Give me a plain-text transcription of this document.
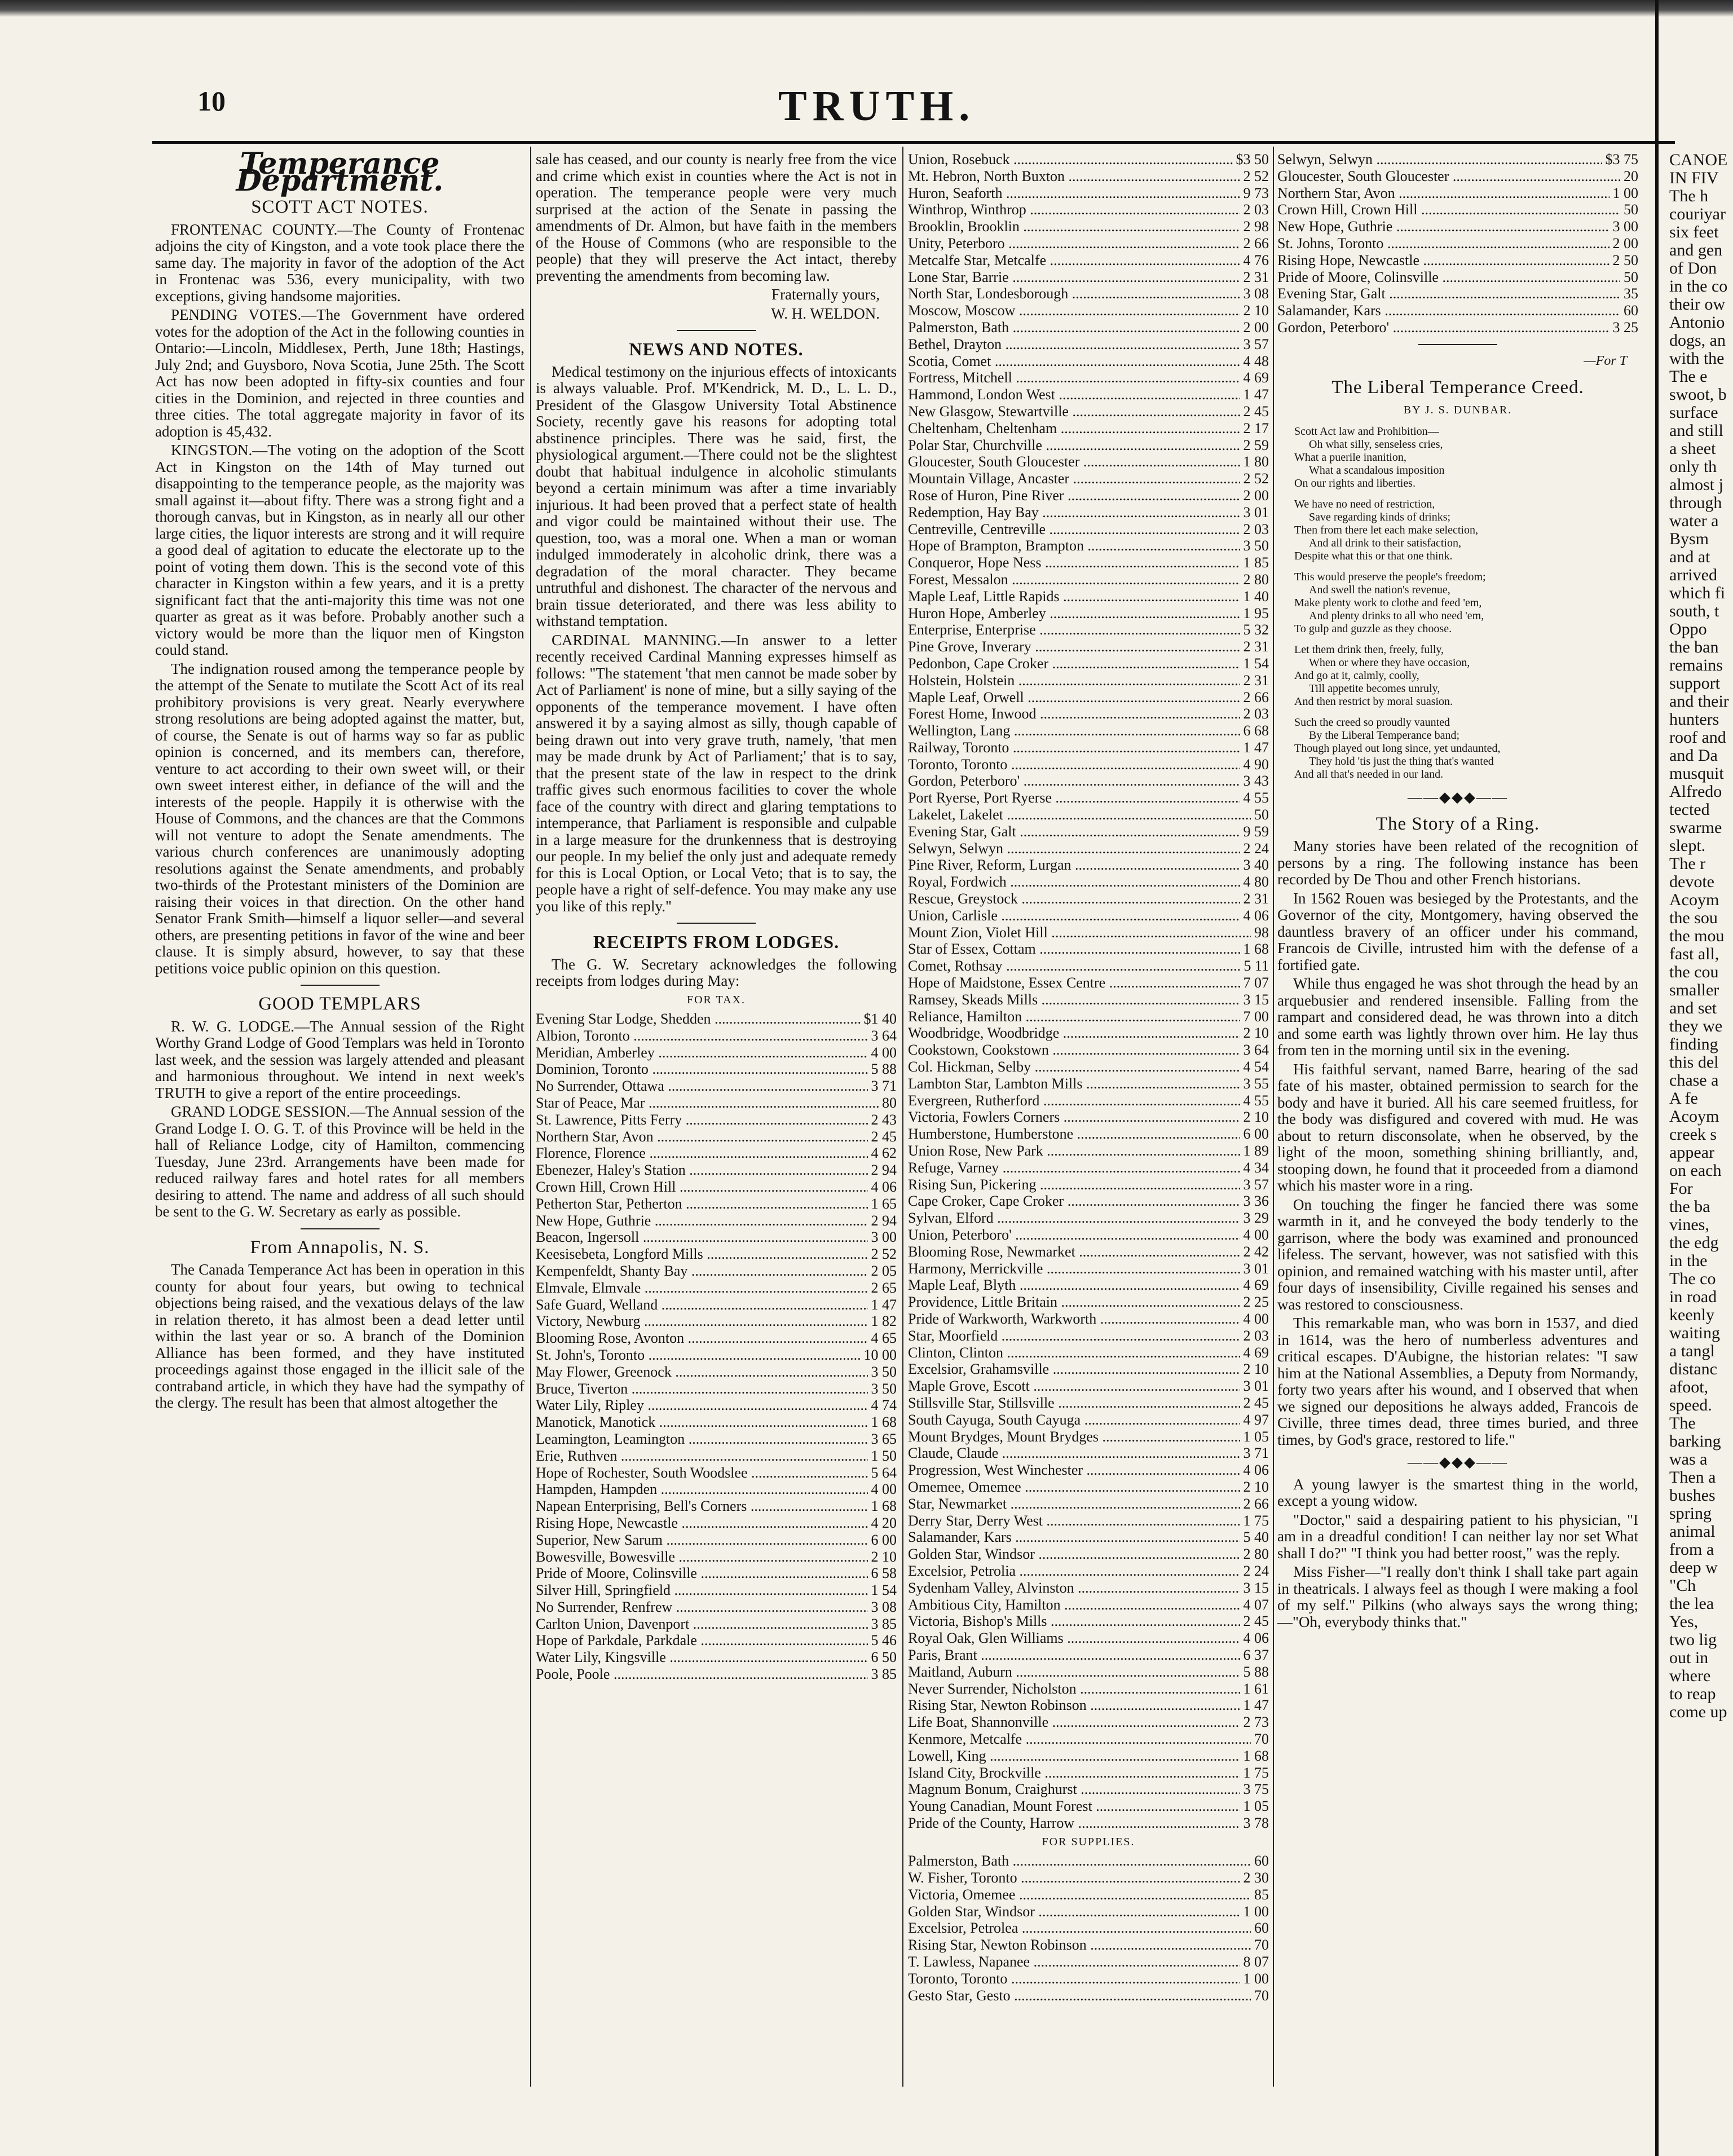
10	TRUTH.
Temperance Department.
SCOTT ACT NOTES.

FRONTENAC COUNTY.—The County of Frontenac adjoins the city of Kingston, and a vote took place there the same day. The majority in favor of the adoption of the Act in Frontenac was 536, every municipality, with two exceptions, giving handsome majorities.

PENDING VOTES.—The Government have ordered votes for the adoption of the Act in the following counties in Ontario:—Lincoln, Middlesex, Perth, June 18th; Hastings, July 2nd; and Guysboro, Nova Scotia, June 25th. The Scott Act has now been adopted in fifty-six counties and four cities in the Dominion, and rejected in three counties and three cities. The total aggregate majority in favor of its adoption is 45,432.

KINGSTON.—The voting on the adoption of the Scott Act in Kingston on the 14th of May turned out disappointing to the temperance people, as the majority was small against it—about fifty. There was a strong fight and a thorough canvas, but in Kingston, as in nearly all our other large cities, the liquor interests are strong and it will require a good deal of agitation to educate the electorate up to the point of voting them down. This is the second vote of this character in Kingston within a few years, and it is a pretty significant fact that the anti-majority this time was not one quarter as great as it was before. Probably another such a victory would be more than the liquor men of Kingston could stand.

The indignation roused among the temperance people by the attempt of the Senate to mutilate the Scott Act of its real prohibitory provisions is very great. Nearly everywhere strong resolutions are being adopted against the matter, but, of course, the Senate is out of harms way so far as public opinion is concerned, and its members can, therefore, venture to act according to their own sweet will, or their own sweet interest either, in defiance of the will and the interests of the people. Happily it is otherwise with the House of Commons, and the chances are that the Commons will not venture to adopt the Senate amendments. The various church conferences are unanimously adopting resolutions against the Senate amendments, and probably two-thirds of the Protestant ministers of the Dominion are raising their voices in that direction. On the other hand Senator Frank Smith—himself a liquor seller—and several others, are presenting petitions in favor of the wine and beer clause. It is simply absurd, however, to say that these petitions voice public opinion on this question.

GOOD TEMPLARS

R. W. G. LODGE.—The Annual session of the Right Worthy Grand Lodge of Good Templars was held in Toronto last week, and the session was largely attended and pleasant and harmonious throughout. We intend in next week's TRUTH to give a report of the entire proceedings.

GRAND LODGE SESSION.—The Annual session of the Grand Lodge I. O. G. T. of this Province will be held in the hall of Reliance Lodge, city of Hamilton, commencing Tuesday, June 23rd. Arrangements have been made for reduced railway fares and hotel rates for all members desiring to attend. The name and address of all such should be sent to the G. W. Secretary as early as possible.

From Annapolis, N. S.

The Canada Temperance Act has been in operation in this county for about four years, but owing to technical objections being raised, and the vexatious delays of the law in relation thereto, it has almost been a dead letter until within the last year or so. A branch of the Dominion Alliance has been formed, and they have instituted proceedings against those engaged in the illicit sale of the contraband article, in which they have had the sympathy of the clergy. The result has been that almost altogether the

sale has ceased, and our county is nearly free from the vice and crime which exist in counties where the Act is not in operation. The temperance people were very much surprised at the action of the Senate in passing the amendments of Dr. Almon, but have faith in the members of the House of Commons (who are responsible to the people) that they will preserve the Act intact, thereby preventing the amendments from becoming law.

Fraternally yours,

W. H. WELDON.

NEWS AND NOTES.

Medical testimony on the injurious effects of intoxicants is always valuable. Prof. M'Kendrick, M. D., L. L. D., President of the Glasgow University Total Abstinence Society, recently gave his reasons for adopting total abstinence principles. There was he said, first, the physiological argument.—There could not be the slightest doubt that habitual indulgence in alcoholic stimulants beyond a certain minimum was after a time invariably injurious. It had been proved that a perfect state of health and vigor could be maintained without their use. The question, too, was a moral one. When a man or woman indulged immoderately in alcoholic drink, there was a degradation of the moral character. They became untruthful and dishonest. The character of the nervous and brain tissue deteriorated, and there was less ability to withstand temptation.

CARDINAL MANNING.—In answer to a letter recently received Cardinal Manning expresses himself as follows: "The statement 'that men cannot be made sober by Act of Parliament' is none of mine, but a silly saying of the opponents of the temperance movement. I have often answered it by a saying almost as silly, though capable of being drawn out into very grave truth, namely, 'that men may be made drunk by Act of Parliament;' that is to say, that the present state of the law in respect to the drink traffic gives such enormous facilities to cover the whole face of the country with direct and glaring temptations to intemperance, that Parliament is responsible and culpable in a large measure for the drunkenness that is destroying our people. In my belief the only just and adequate remedy for this is Local Option, or Local Veto; that is to say, the people have a right of self-defence. You may make any use you like of this reply."

RECEIPTS FROM LODGES.

The G. W. Secretary acknowledges the following receipts from lodges during May:

FOR TAX.
Evening Star Lodge, Shedden .....	$1 40
Albion, Toronto .....	3 64
Meridian, Amberley .....	4 00
Dominion, Toronto .....	5 88
No Surrender, Ottawa .....	3 71
Star of Peace, Mar .....	80
St. Lawrence, Pitts Ferry .....	2 43
Northern Star, Avon .....	2 45
Florence, Florence .....	4 62
Ebenezer, Haley's Station .....	2 94
Crown Hill, Crown Hill .....	4 06
Petherton Star, Petherton .....	1 65
New Hope, Guthrie .....	2 94
Beacon, Ingersoll .....	3 00
Keesisebeta, Longford Mills .....	2 52
Kempenfeldt, Shanty Bay .....	2 05
Elmvale, Elmvale .....	2 65
Safe Guard, Welland .....	1 47
Victory, Newburg .....	1 82
Blooming Rose, Avonton .....	4 65
St. John's, Toronto .....	10 00
May Flower, Greenock .....	3 50
Bruce, Tiverton .....	3 50
Water Lily, Ripley .....	4 74
Manotick, Manotick .....	1 68
Leamington, Leamington .....	3 65
Erie, Ruthven .....	1 50
Hope of Rochester, South Woodslee .....	5 64
Hampden, Hampden .....	4 00
Napean Enterprising, Bell's Corners .....	1 68
Rising Hope, Newcastle .....	4 20
Superior, New Sarum .....	6 00
Bowesville, Bowesville .....	2 10
Pride of Moore, Colinsville .....	6 58
Silver Hill, Springfield .....	1 54
No Surrender, Renfrew .....	3 08
Carlton Union, Davenport .....	3 85
Hope of Parkdale, Parkdale .....	5 46
Water Lily, Kingsville .....	6 50
Poole, Poole .....	3 85
Union, Rosebuck .....	$3 50
Mt. Hebron, North Buxton .....	2 52
Huron, Seaforth .....	9 73
Winthrop, Winthrop .....	2 03
Brooklin, Brooklin .....	2 98
Unity, Peterboro .....	2 66
Metcalfe Star, Metcalfe .....	4 76
Lone Star, Barrie .....	2 31
North Star, Londesborough .....	3 08
Moscow, Moscow .....	2 10
Palmerston, Bath .....	2 00
Bethel, Drayton .....	3 57
Scotia, Comet .....	4 48
Fortress, Mitchell .....	4 69
Hammond, London West .....	1 47
New Glasgow, Stewartville .....	2 45
Cheltenham, Cheltenham .....	2 17
Polar Star, Churchville .....	2 59
Gloucester, South Gloucester .....	1 80
Mountain Village, Ancaster .....	2 52
Rose of Huron, Pine River .....	2 00
Redemption, Hay Bay .....	3 01
Centreville, Centreville .....	2 03
Hope of Brampton, Brampton .....	3 50
Conqueror, Hope Ness .....	1 85
Forest, Messalon .....	2 80
Maple Leaf, Little Rapids .....	1 40
Huron Hope, Amberley .....	1 95
Enterprise, Enterprise .....	5 32
Pine Grove, Inverary .....	2 31
Pedonbon, Cape Croker .....	1 54
Holstein, Holstein .....	2 31
Maple Leaf, Orwell .....	2 66
Forest Home, Inwood .....	2 03
Wellington, Lang .....	6 68
Railway, Toronto .....	1 47
Toronto, Toronto .....	4 90
Gordon, Peterboro' .....	3 43
Port Ryerse, Port Ryerse .....	4 55
Lakelet, Lakelet .....	50
Evening Star, Galt .....	9 59
Selwyn, Selwyn .....	2 24
Pine River, Reform, Lurgan .....	3 40
Royal, Fordwich .....	4 80
Rescue, Greystock .....	2 31
Union, Carlisle .....	4 06
Mount Zion, Violet Hill .....	98
Star of Essex, Cottam .....	1 68
Comet, Rothsay .....	5 11
Hope of Maidstone, Essex Centre .....	7 07
Ramsey, Skeads Mills .....	3 15
Reliance, Hamilton .....	7 00
Woodbridge, Woodbridge .....	2 10
Cookstown, Cookstown .....	3 64
Col. Hickman, Selby .....	4 54
Lambton Star, Lambton Mills .....	3 55
Evergreen, Rutherford .....	4 55
Victoria, Fowlers Corners .....	2 10
Humberstone, Humberstone .....	6 00
Union Rose, New Park .....	1 89
Refuge, Varney .....	4 34
Rising Sun, Pickering .....	3 57
Cape Croker, Cape Croker .....	3 36
Sylvan, Elford .....	3 29
Union, Peterboro' .....	4 00
Blooming Rose, Newmarket .....	2 42
Harmony, Merrickville .....	3 01
Maple Leaf, Blyth .....	4 69
Providence, Little Britain .....	2 25
Pride of Warkworth, Warkworth .....	4 00
Star, Moorfield .....	2 03
Clinton, Clinton .....	4 69
Excelsior, Grahamsville .....	2 10
Maple Grove, Escott .....	3 01
Stillsville Star, Stillsville .....	2 45
South Cayuga, South Cayuga .....	4 97
Mount Brydges, Mount Brydges .....	1 05
Claude, Claude .....	3 71
Progression, West Winchester .....	4 06
Omemee, Omemee .....	2 10
Star, Newmarket .....	2 66
Derry Star, Derry West .....	1 75
Salamander, Kars .....	5 40
Golden Star, Windsor .....	2 80
Excelsior, Petrolia .....	2 24
Sydenham Valley, Alvinston .....	3 15
Ambitious City, Hamilton .....	4 07
Victoria, Bishop's Mills .....	2 45
Royal Oak, Glen Williams .....	4 06
Paris, Brant .....	6 37
Maitland, Auburn .....	5 88
Never Surrender, Nicholston .....	1 61
Rising Star, Newton Robinson .....	1 47
Life Boat, Shannonville .....	2 73
Kenmore, Metcalfe .....	70
Lowell, King .....	1 68
Island City, Brockville .....	1 75
Magnum Bonum, Craighurst .....	3 75
Young Canadian, Mount Forest .....	1 05
Pride of the County, Harrow .....	3 78
FOR SUPPLIES.
Palmerston, Bath .....	60
W. Fisher, Toronto .....	2 30
Victoria, Omemee .....	85
Golden Star, Windsor .....	1 00
Excelsior, Petrolea .....	60
Rising Star, Newton Robinson .....	70
T. Lawless, Napanee .....	8 07
Toronto, Toronto .....	1 00
Gesto Star, Gesto .....	70
Selwyn, Selwyn .....	$3 75
Gloucester, South Gloucester .....	20
Northern Star, Avon .....	1 00
Crown Hill, Crown Hill .....	50
New Hope, Guthrie .....	3 00
St. Johns, Toronto .....	2 00
Rising Hope, Newcastle .....	2 50
Pride of Moore, Colinsville .....	50
Evening Star, Galt .....	35
Salamander, Kars .....	60
Gordon, Peterboro' .....	3 25
—For T
The Liberal Temperance Creed.
BY J. S. DUNBAR.
Scott Act law and Prohibition—
Oh what silly, senseless cries,
What a puerile inanition,
What a scandalous imposition
On our rights and liberties.
We have no need of restriction,
Save regarding kinds of drinks;
Then from there let each make selection,
And all drink to their satisfaction,
Despite what this or that one think.
This would preserve the people's freedom;
And swell the nation's revenue,
Make plenty work to clothe and feed 'em,
And plenty drinks to all who need 'em,
To gulp and guzzle as they choose.
Let them drink then, freely, fully,
When or where they have occasion,
And go at it, calmly, coolly,
Till appetite becomes unruly,
And then restrict by moral suasion.
Such the creed so proudly vaunted
By the Liberal Temperance band;
Though played out long since, yet undaunted,
They hold 'tis just the thing that's wanted
And all that's needed in our land.
——◆◆◆——
The Story of a Ring.

Many stories have been related of the recognition of persons by a ring. The following instance has been recorded by De Thou and other French historians.

In 1562 Rouen was besieged by the Protestants, and the Governor of the city, Montgomery, having observed the dauntless bravery of an officer under his command, Francois de Civille, intrusted him with the defense of a fortified gate.

While thus engaged he was shot through the head by an arquebusier and rendered insensible. Falling from the rampart and considered dead, he was thrown into a ditch and some earth was lightly thrown over him. He lay thus from ten in the morning until six in the evening.

His faithful servant, named Barre, hearing of the sad fate of his master, obtained permission to search for the body and have it buried. All his care seemed fruitless, for the body was disfigured and covered with mud. He was about to return disconsolate, when he observed, by the light of the moon, something shining brilliantly, and, stooping down, he found that it proceeded from a diamond which his master wore in a ring.

On touching the finger he fancied there was some warmth in it, and he conveyed the body tenderly to the garrison, where the body was examined and pronounced lifeless. The servant, however, was not satisfied with this opinion, and remained watching with his master until, after four days of insensibility, Civille regained his senses and was restored to consciousness.

This remarkable man, who was born in 1537, and died in 1614, was the hero of numberless adventures and critical escapes. D'Aubigne, the historian relates: "I saw him at the National Assemblies, a Deputy from Normandy, forty two years after his wound, and I observed that when we signed our depositions he always added, Francois de Civille, three times dead, three times buried, and three times, by God's grace, restored to life."

——◆◆◆——

A young lawyer is the smartest thing in the world, except a young widow.

"Doctor," said a despairing patient to his physician, "I am in a dreadful condition! I can neither lay nor set What shall I do?" "I think you had better roost," was the reply.

Miss Fisher—"I really don't think I shall take part again in theatricals. I always feel as though I were making a fool of my self." Pilkins (who always says the wrong thing; —"Oh, everybody thinks that."

CANOE
IN FIV
The h
couriyar
six feet
and gen
of Don
in the co
their ow
Antonio
dogs, an
with the
The e
swoot, b
surface
and still
a sheet
only th
almost j
through
water a
Bysm
and at
arrived
which fi
south, t
Oppo
the ban
remains
support
and their
hunters
roof and
and Da
musquit
Alfredo
tected
swarme
slept.
The r
devote
Acoym
the sou
the mou
fast all,
the cou
smaller
and set
they we
finding
this del
chase a
A fe
Acoym
creek s
appear
on each
For
the ba
vines,
the edg
in the
The co
in road
keenly
waiting
a tangl
distanc
afoot,
speed.
The
barking
was a
Then a
bushes
spring
animal
from a
deep w
"Ch
the lea
Yes,
two lig
out in
where
to reap
come up
